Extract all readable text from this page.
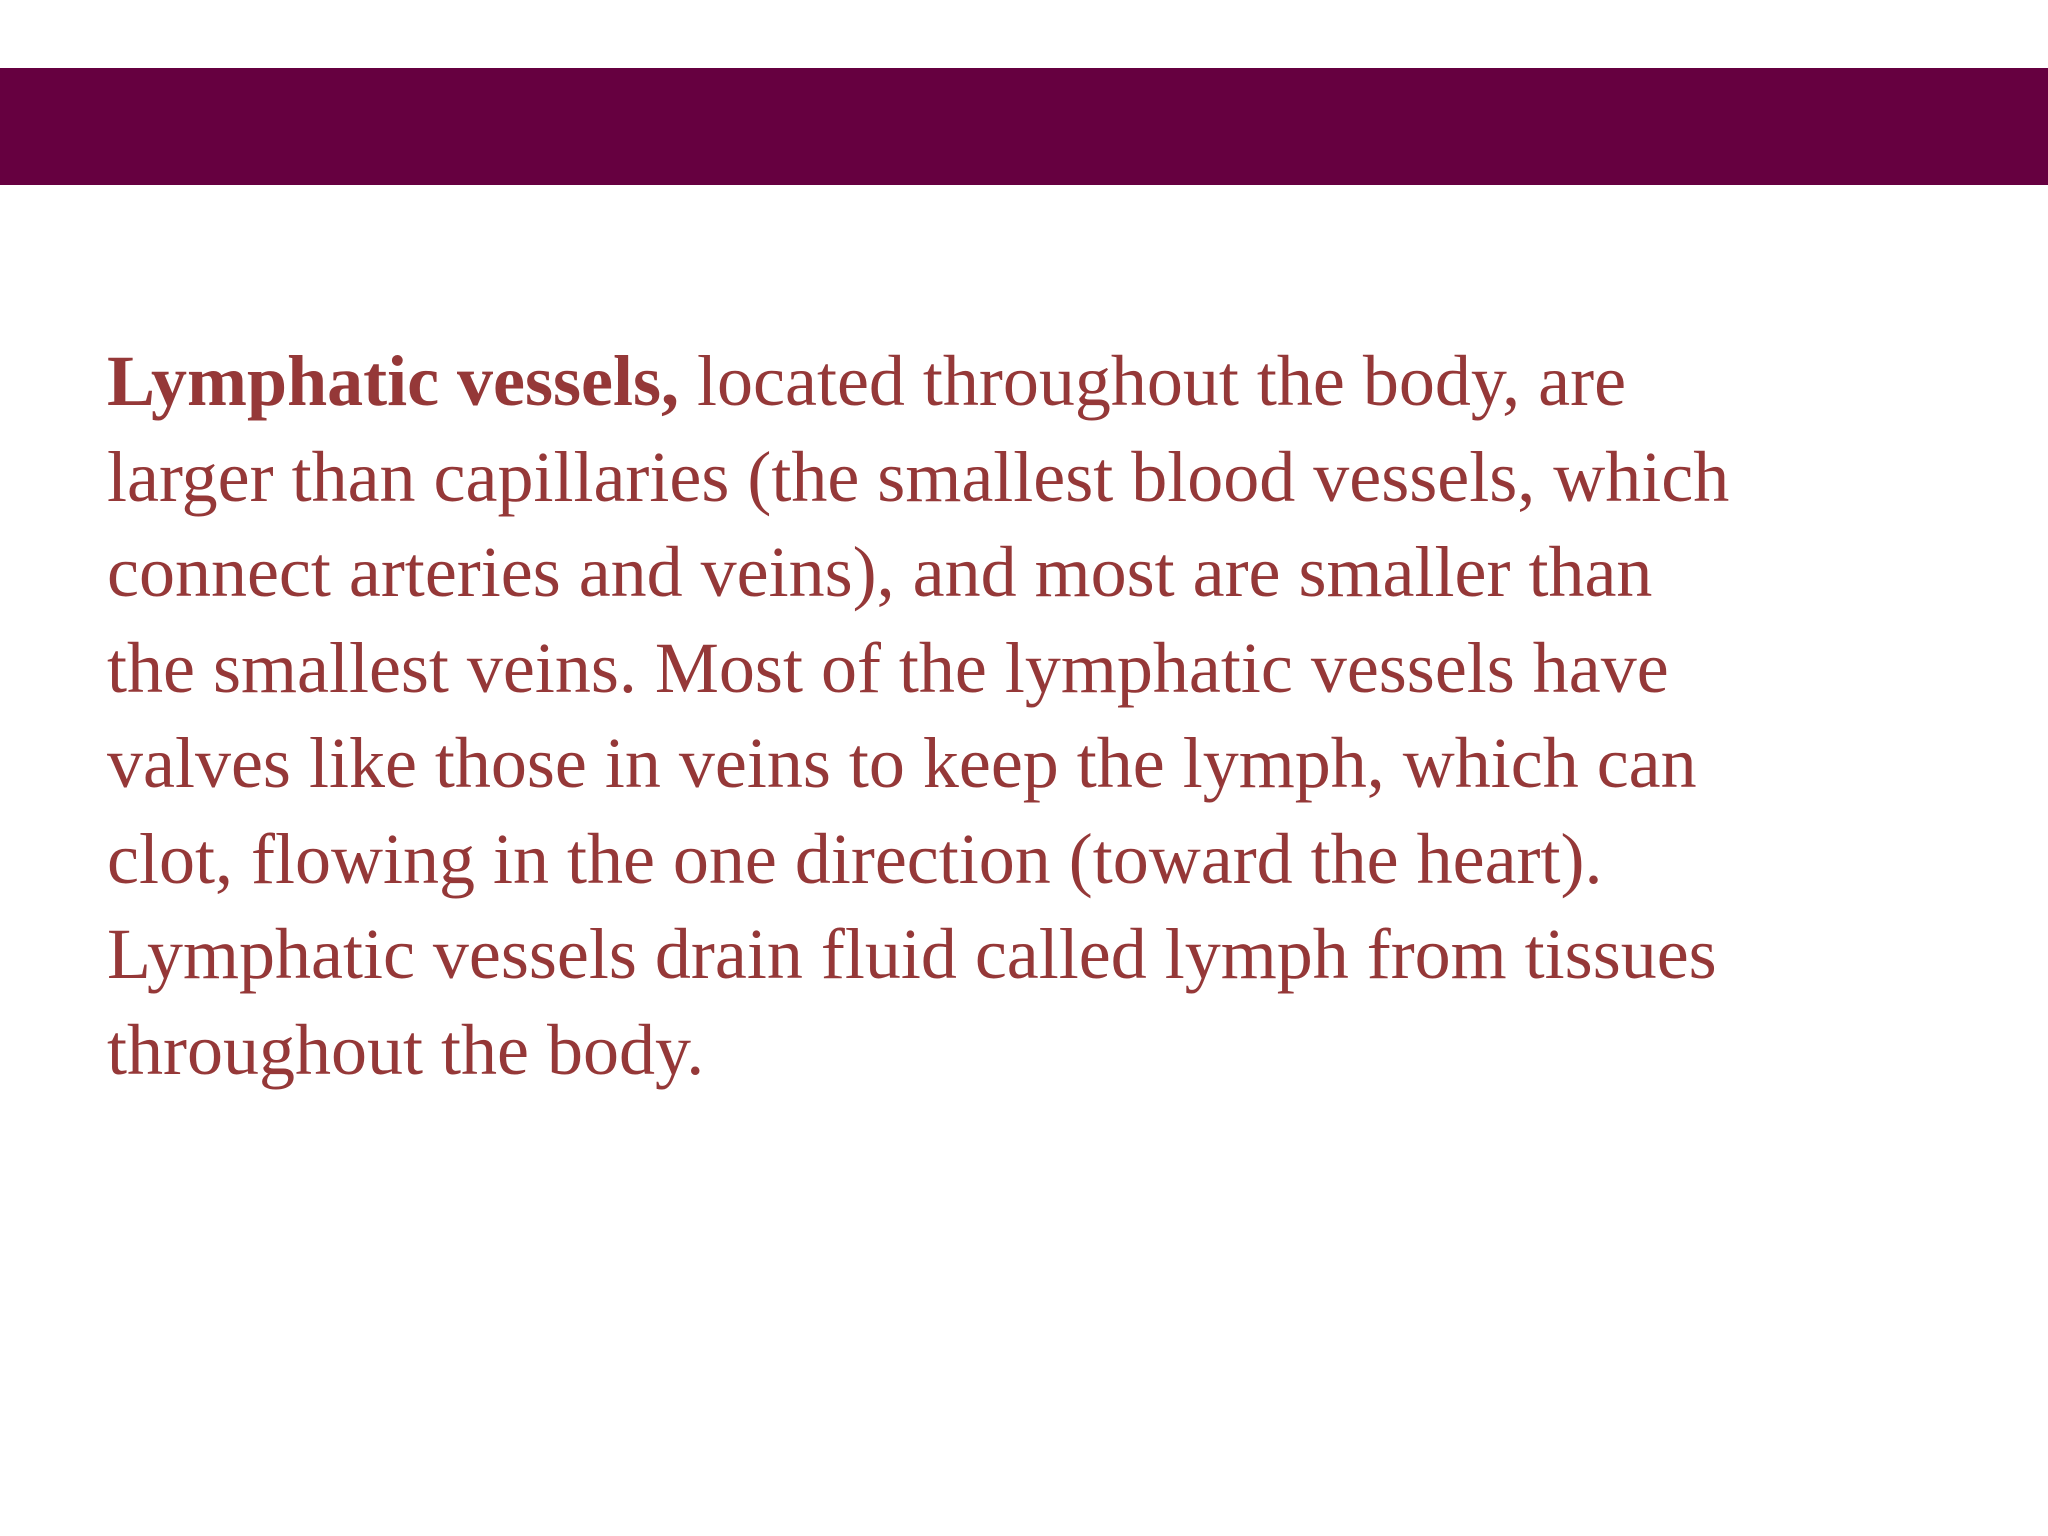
Lymphatic vessels, located throughout the body, are
larger than capillaries (the smallest blood vessels, which
connect arteries and veins), and most are smaller than
the smallest veins. Most of the lymphatic vessels have
valves like those in veins to keep the lymph, which can
clot, flowing in the one direction (toward the heart).
Lymphatic vessels drain fluid called lymph from tissues
throughout the body.
